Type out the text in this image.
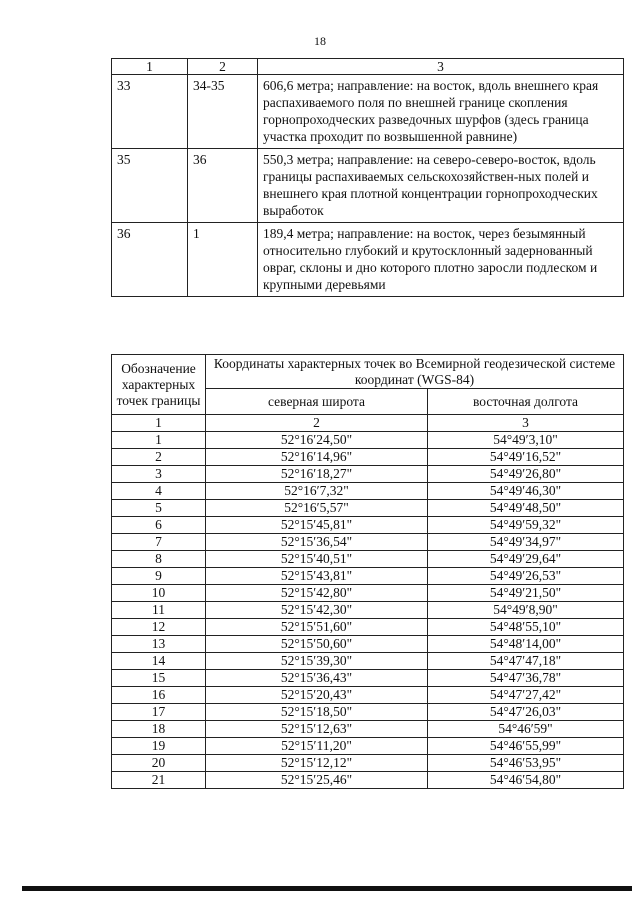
18
1	2	3
33	34-35	606,6 метра; направление: на восток, вдоль внешнего края распахиваемого поля по внешней границе скопления горнопроходческих разведочных шурфов (здесь граница участка проходит по возвышенной равнине)
35	36	550,3 метра; направление: на северо-северо-восток, вдоль границы распахиваемых сельскохозяйствен-ных полей и внешнего края плотной концентрации горнопроходческих выработок
36	1	189,4 метра; направление: на восток, через безымянный относительно глубокий и крутосклонный задернованный овраг, склоны и дно которого плотно заросли подлеском и крупными деревьями
Обозначение характерных точек границы	Координаты характерных точек во Всемирной геодезической системе координат (WGS-84)	
	северная широта	восточная долгота
1	2	3
1	52°16′24,50"	54°49′3,10"
2	52°16′14,96"	54°49′16,52"
3	52°16′18,27"	54°49′26,80"
4	52°16′7,32"	54°49′46,30"
5	52°16′5,57"	54°49′48,50"
6	52°15′45,81"	54°49′59,32"
7	52°15′36,54"	54°49′34,97"
8	52°15′40,51"	54°49′29,64"
9	52°15′43,81"	54°49′26,53"
10	52°15′42,80"	54°49′21,50"
11	52°15′42,30"	54°49′8,90"
12	52°15′51,60"	54°48′55,10"
13	52°15′50,60"	54°48′14,00"
14	52°15′39,30"	54°47′47,18"
15	52°15′36,43"	54°47′36,78"
16	52°15′20,43"	54°47′27,42"
17	52°15′18,50"	54°47′26,03"
18	52°15′12,63"	54°46′59"
19	52°15′11,20"	54°46′55,99"
20	52°15′12,12"	54°46′53,95"
21	52°15′25,46"	54°46′54,80"
